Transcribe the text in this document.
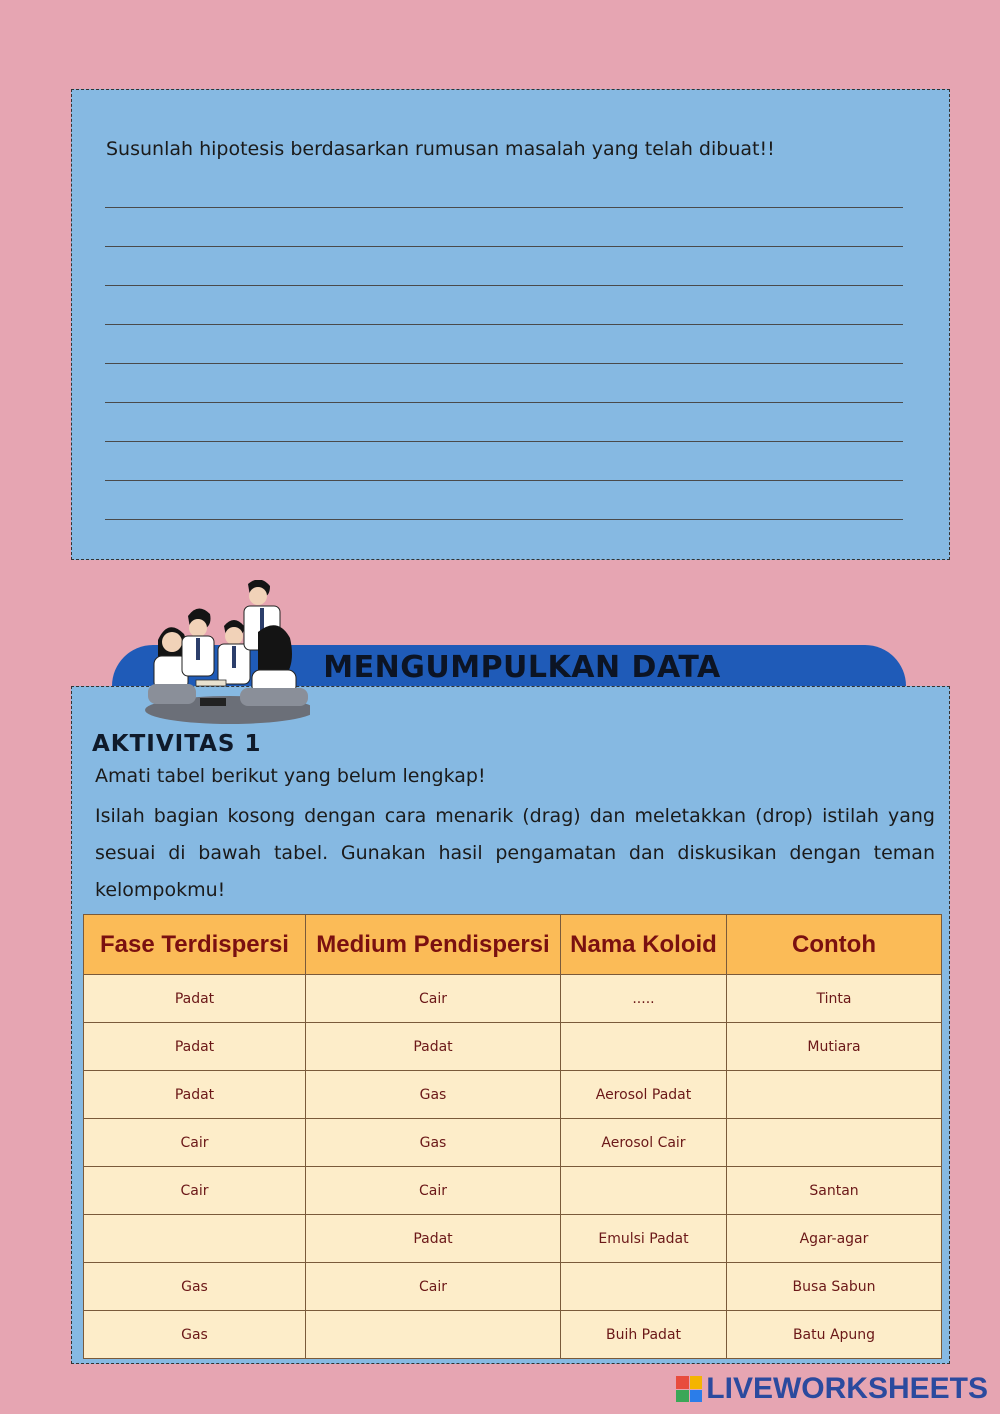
Susunlah hipotesis berdasarkan rumusan masalah yang telah dibuat!!
MENGUMPULKAN DATA
AKTIVITAS 1
Amati tabel berikut yang belum lengkap!
Isilah bagian kosong dengan cara menarik (drag) dan meletakkan (drop) istilah yang sesuai di bawah tabel. Gunakan hasil pengamatan dan diskusikan dengan teman kelompokmu!
Fase Terdispersi	Medium Pendispersi	Nama Koloid	Contoh
Padat	Cair	.....	Tinta
Padat	Padat		Mutiara
Padat	Gas	Aerosol Padat	
Cair	Gas	Aerosol Cair	
Cair	Cair		Santan
	Padat	Emulsi Padat	Agar-agar
Gas	Cair		Busa Sabun
Gas		Buih Padat	Batu Apung
LIVEWORKSHEETS
